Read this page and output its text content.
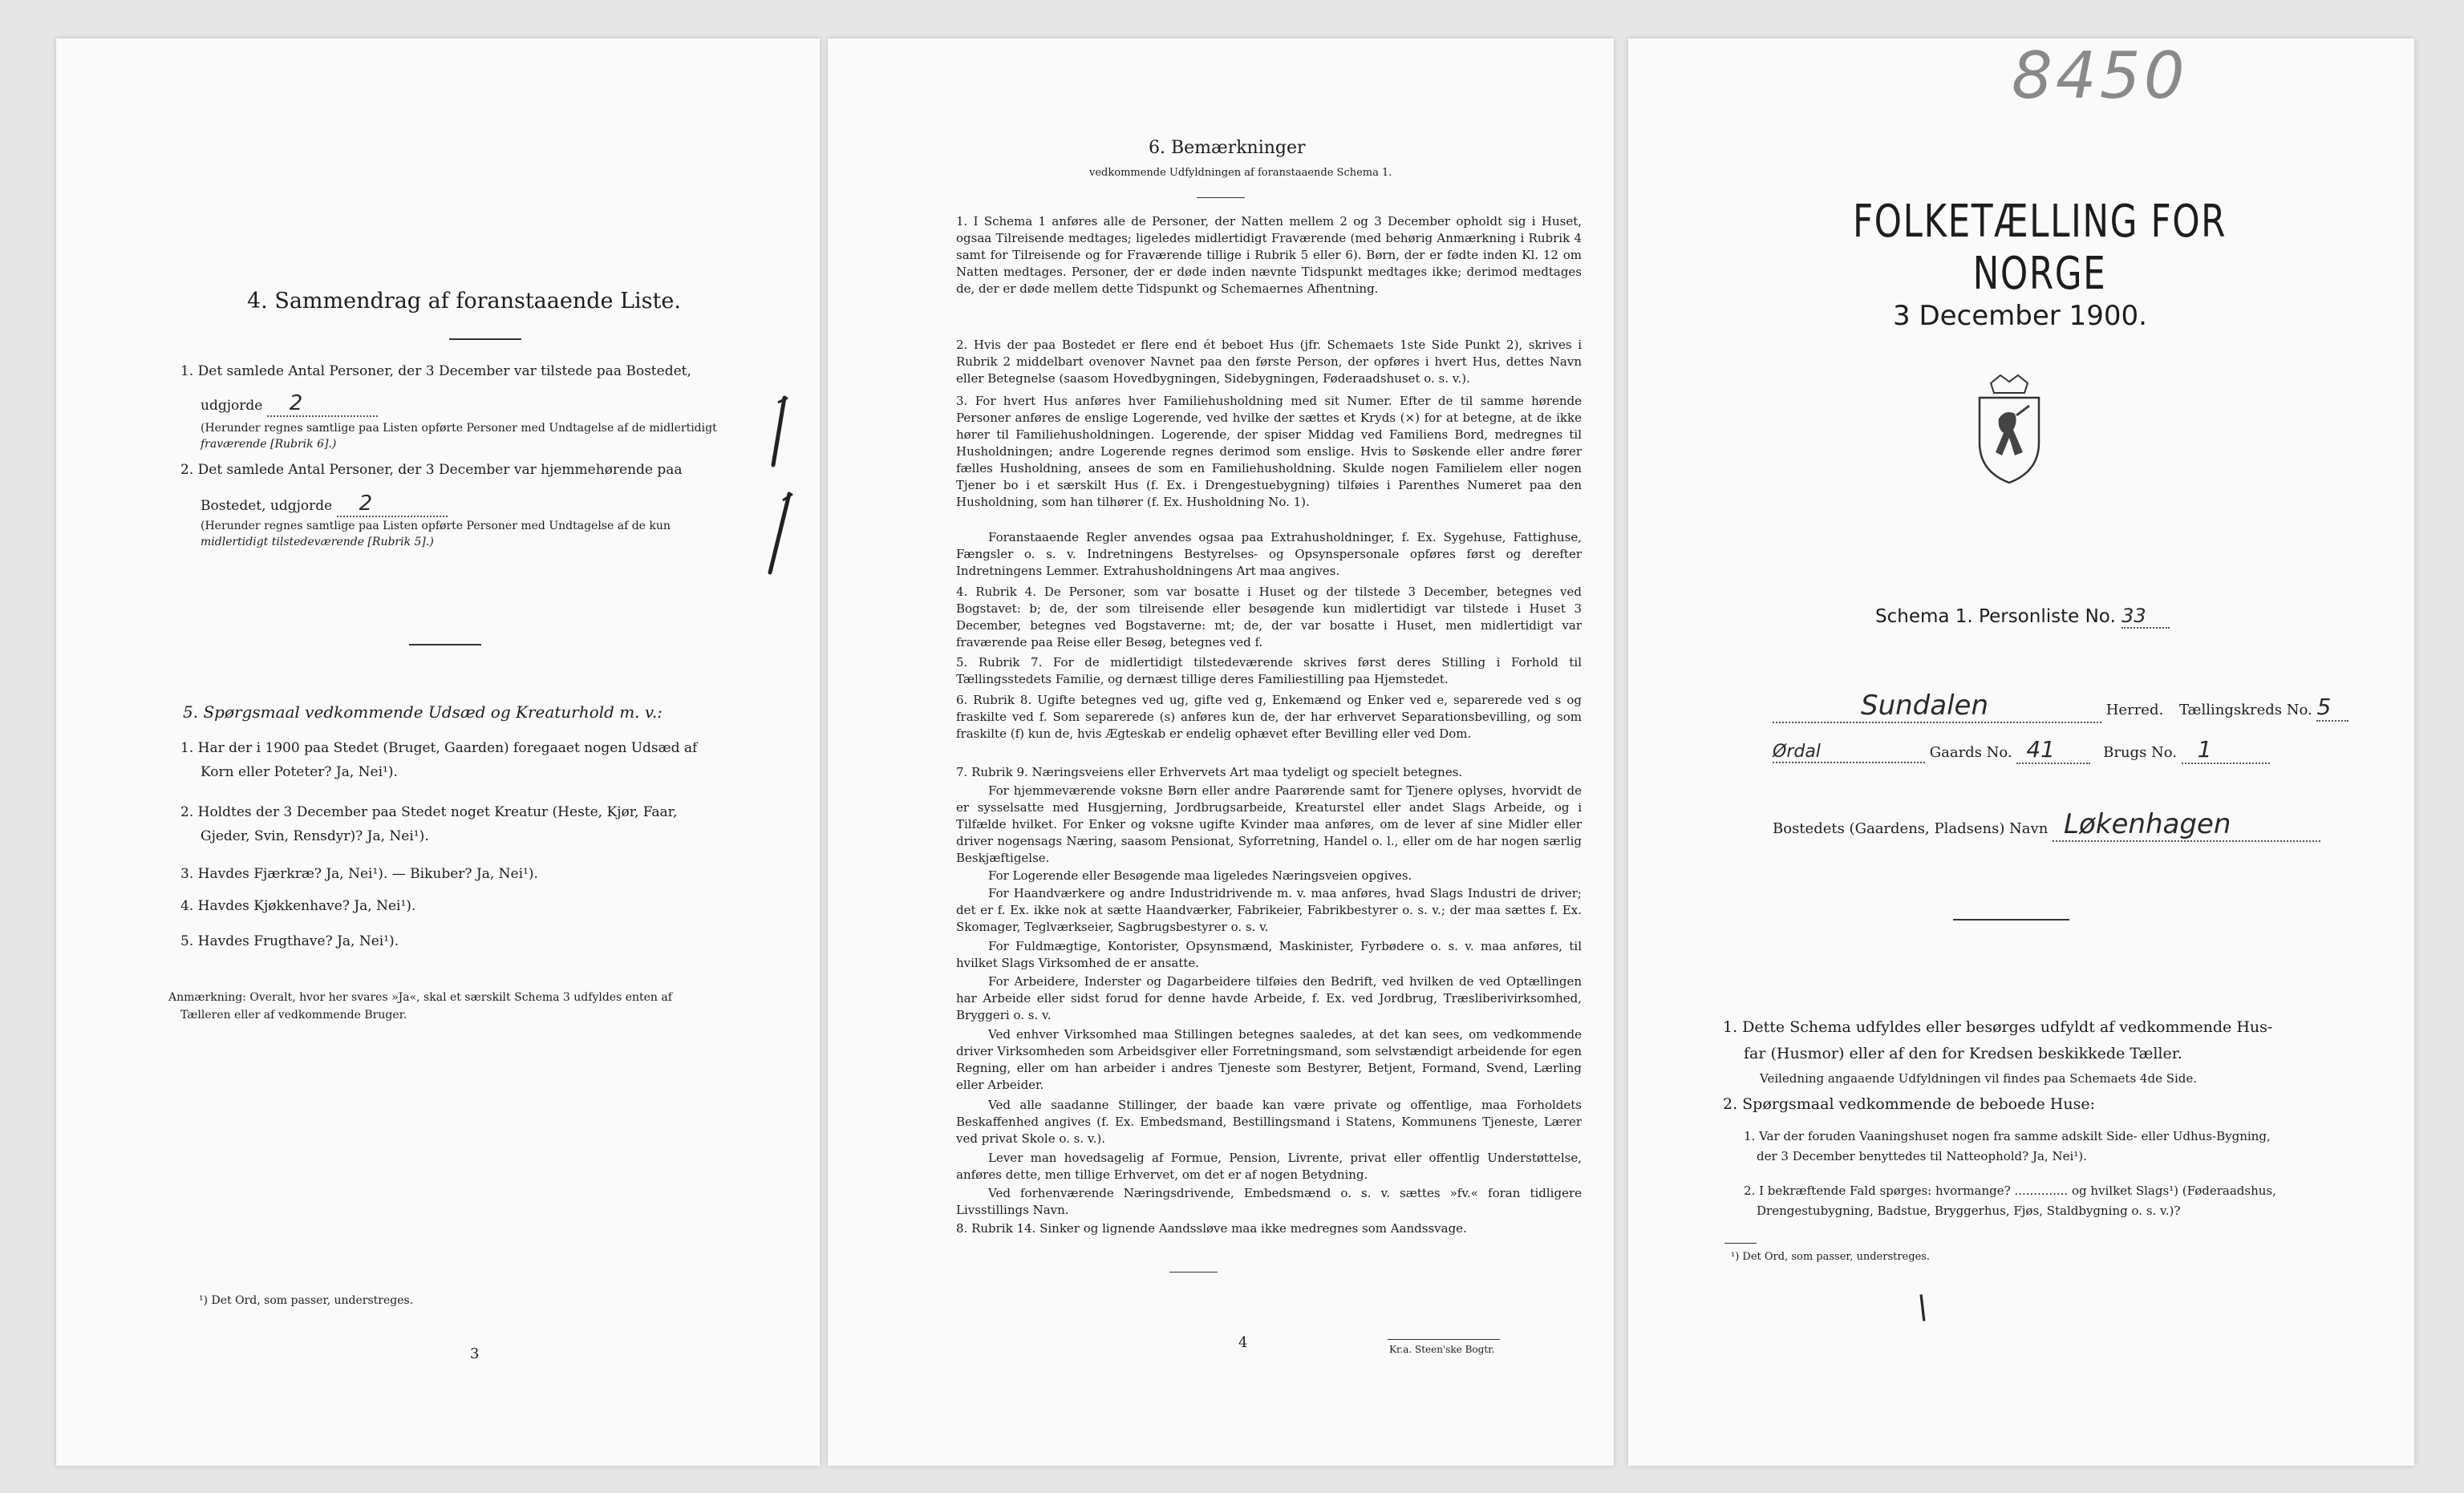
4. Sammendrag af foranstaaende Liste.
1. Det samlede Antal Personer, der 3 December var tilstede paa Bostedet,
udgjorde 2
(Herunder regnes samtlige paa Listen opførte Personer med Undtagelse af de midlertidigt
fraværende [Rubrik 6].)
2. Det samlede Antal Personer, der 3 December var hjemmehørende paa
Bostedet, udgjorde 2
(Herunder regnes samtlige paa Listen opførte Personer med Undtagelse af de kun
midlertidigt tilstedeværende [Rubrik 5].)
5. Spørgsmaal vedkommende Udsæd og Kreaturhold m. v.:
1. Har der i 1900 paa Stedet (Bruget, Gaarden) foregaaet nogen Udsæd af
Korn eller Poteter? Ja, Nei¹).
2. Holdtes der 3 December paa Stedet noget Kreatur (Heste, Kjør, Faar,
Gjeder, Svin, Rensdyr)? Ja, Nei¹).
3. Havdes Fjærkræ? Ja, Nei¹). — Bikuber? Ja, Nei¹).
4. Havdes Kjøkkenhave? Ja, Nei¹).
5. Havdes Frugthave? Ja, Nei¹).
Anmærkning: Overalt, hvor her svares »Ja«, skal et særskilt Schema 3 udfyldes enten af
Tælleren eller af vedkommende Bruger.
¹) Det Ord, som passer, understreges.
3
6. Bemærkninger
vedkommende Udfyldningen af foranstaaende Schema 1.

1. I Schema 1 anføres alle de Personer, der Natten mellem 2 og 3 December opholdt sig i Huset, ogsaa Tilreisende medtages; ligeledes midlertidigt Fraværende (med behørig Anmærkning i Rubrik 4 samt for Tilreisende og for Fraværende tillige i Rubrik 5 eller 6). Børn, der er fødte inden Kl. 12 om Natten medtages. Personer, der er døde inden nævnte Tidspunkt medtages ikke; derimod medtages de, der er døde mellem dette Tidspunkt og Schemaernes Afhentning.

2. Hvis der paa Bostedet er flere end ét beboet Hus (jfr. Schemaets 1ste Side Punkt 2), skrives i Rubrik 2 middelbart ovenover Navnet paa den første Person, der opføres i hvert Hus, dettes Navn eller Betegnelse (saasom Hovedbygningen, Sidebygningen, Føderaadshuset o. s. v.).

3. For hvert Hus anføres hver Familiehusholdning med sit Numer. Efter de til samme hørende Personer anføres de enslige Logerende, ved hvilke der sættes et Kryds (×) for at betegne, at de ikke hører til Familiehusholdningen. Logerende, der spiser Middag ved Familiens Bord, medregnes til Husholdningen; andre Logerende regnes derimod som enslige. Hvis to Søskende eller andre fører fælles Husholdning, ansees de som en Familiehusholdning. Skulde nogen Familielem eller nogen Tjener bo i et særskilt Hus (f. Ex. i Drengestuebygning) tilføies i Parenthes Numeret paa den Husholdning, som han tilhører (f. Ex. Husholdning No. 1).

Foranstaaende Regler anvendes ogsaa paa Extrahusholdninger, f. Ex. Sygehuse, Fattighuse, Fængsler o. s. v. Indretningens Bestyrelses- og Opsynspersonale opføres først og derefter Indretningens Lemmer. Extrahusholdningens Art maa angives.

4. Rubrik 4. De Personer, som var bosatte i Huset og der tilstede 3 December, betegnes ved Bogstavet: b; de, der som tilreisende eller besøgende kun midlertidigt var tilstede i Huset 3 December, betegnes ved Bogstaverne: mt; de, der var bosatte i Huset, men midlertidigt var fraværende paa Reise eller Besøg, betegnes ved f.

5. Rubrik 7. For de midlertidigt tilstedeværende skrives først deres Stilling i Forhold til Tællingsstedets Familie, og dernæst tillige deres Familiestilling paa Hjemstedet.

6. Rubrik 8. Ugifte betegnes ved ug, gifte ved g, Enkemænd og Enker ved e, separerede ved s og fraskilte ved f. Som separerede (s) anføres kun de, der har erhvervet Separationsbevilling, og som fraskilte (f) kun de, hvis Ægteskab er endelig ophævet efter Bevilling eller ved Dom.

7. Rubrik 9. Næringsveiens eller Erhvervets Art maa tydeligt og specielt betegnes.

For hjemmeværende voksne Børn eller andre Paarørende samt for Tjenere oplyses, hvorvidt de er sysselsatte med Husgjerning, Jordbrugsarbeide, Kreaturstel eller andet Slags Arbeide, og i Tilfælde hvilket. For Enker og voksne ugifte Kvinder maa anføres, om de lever af sine Midler eller driver nogensags Næring, saasom Pensionat, Syforretning, Handel o. l., eller om de har nogen særlig Beskjæftigelse.

For Logerende eller Besøgende maa ligeledes Næringsveien opgives.

For Haandværkere og andre Industridrivende m. v. maa anføres, hvad Slags Industri de driver; det er f. Ex. ikke nok at sætte Haandværker, Fabrikeier, Fabrikbestyrer o. s. v.; der maa sættes f. Ex. Skomager, Teglværkseier, Sagbrugsbestyrer o. s. v.

For Fuldmægtige, Kontorister, Opsynsmænd, Maskinister, Fyrbødere o. s. v. maa anføres, til hvilket Slags Virksomhed de er ansatte.

For Arbeidere, Inderster og Dagarbeidere tilføies den Bedrift, ved hvilken de ved Optællingen har Arbeide eller sidst forud for denne havde Arbeide, f. Ex. ved Jordbrug, Træsliberivirksomhed, Bryggeri o. s. v.

Ved enhver Virksomhed maa Stillingen betegnes saaledes, at det kan sees, om vedkommende driver Virksomheden som Arbeidsgiver eller Forretningsmand, som selvstændigt arbeidende for egen Regning, eller om han arbeider i andres Tjeneste som Bestyrer, Betjent, Formand, Svend, Lærling eller Arbeider.

Ved alle saadanne Stillinger, der baade kan være private og offentlige, maa Forholdets Beskaffenhed angives (f. Ex. Embedsmand, Bestillingsmand i Statens, Kommunens Tjeneste, Lærer ved privat Skole o. s. v.).

Lever man hovedsagelig af Formue, Pension, Livrente, privat eller offentlig Understøttelse, anføres dette, men tillige Erhvervet, om det er af nogen Betydning.

Ved forhenværende Næringsdrivende, Embedsmænd o. s. v. sættes »fv.« foran tidligere Livsstillings Navn.

8. Rubrik 14. Sinker og lignende Aandssløve maa ikke medregnes som Aandssvage.

4	Kr.a. Steen'ske Bogtr.
8450
FOLKETÆLLING FOR NORGE
3 December 1900.
Schema 1. Personliste No. 33
Sundalen	Herred. Tællingskreds No. 5
Ørdal	Gaards No. 41	Brugs No. 1
Bostedets (Gaardens, Pladsens) Navn Løkenhagen
1. Dette Schema udfyldes eller besørges udfyldt af vedkommende Hus-
far (Husmor) eller af den for Kredsen beskikkede Tæller.
Veiledning angaaende Udfyldningen vil findes paa Schemaets 4de Side.
2. Spørgsmaal vedkommende de beboede Huse:
1. Var der foruden Vaaningshuset nogen fra samme adskilt Side- eller Udhus-Bygning,
der 3 December benyttedes til Natteophold? Ja, Nei¹).
2. I bekræftende Fald spørges: hvormange? .............. og hvilket Slags¹) (Føderaadshus,
Drengestubygning, Badstue, Bryggerhus, Fjøs, Staldbygning o. s. v.)?
¹) Det Ord, som passer, understreges.
\
